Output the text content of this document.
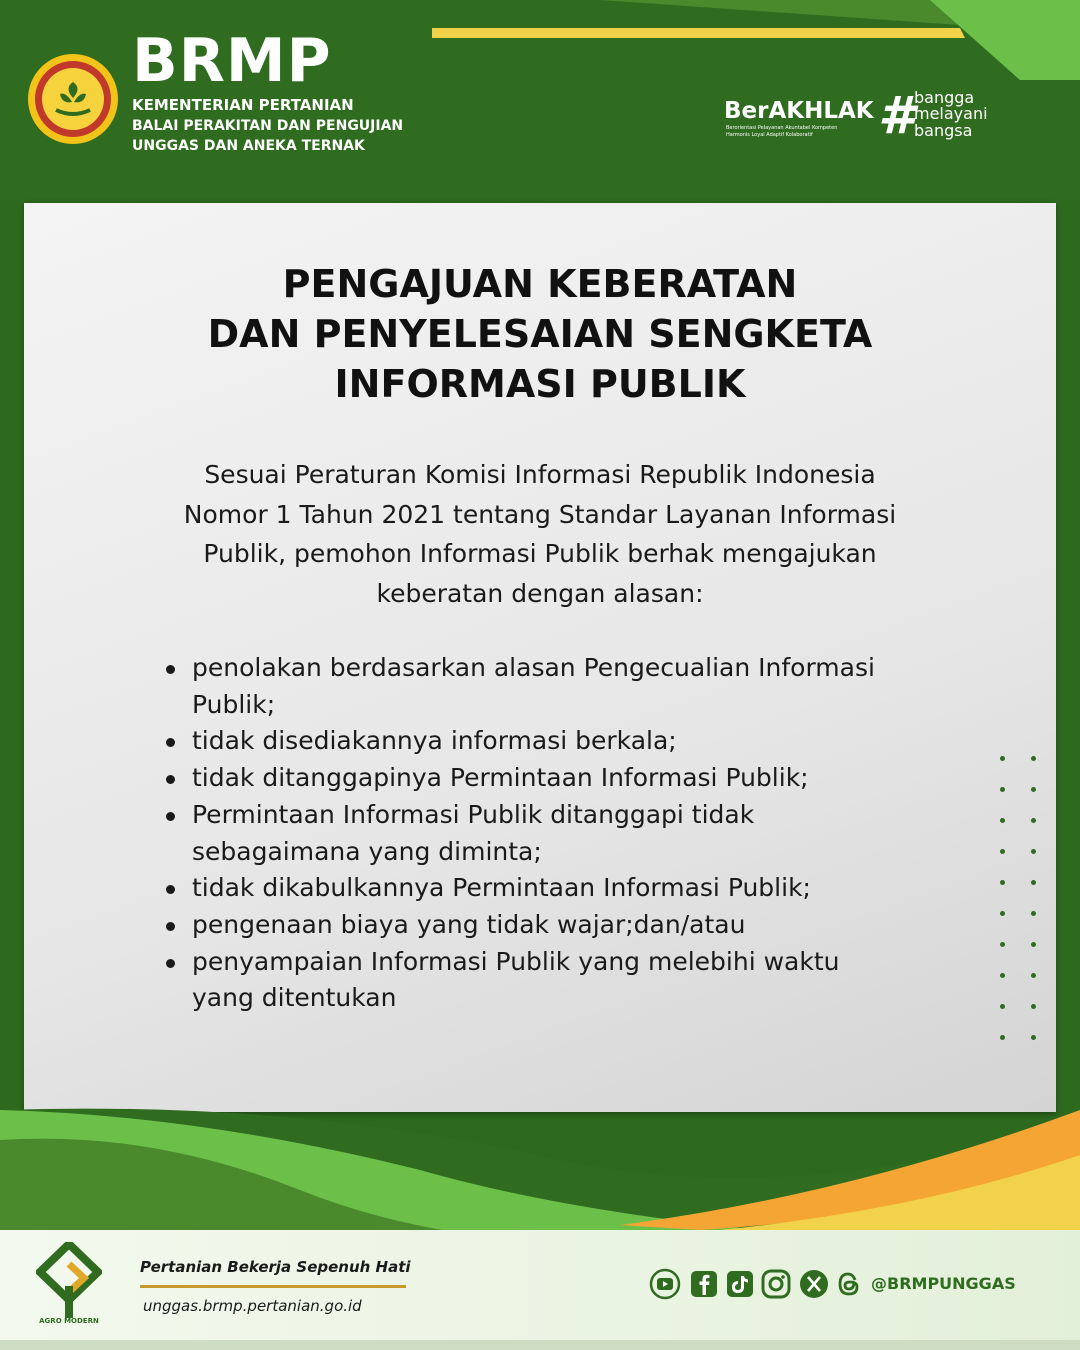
BRMP
KEMENTERIAN PERTANIAN
BALAI PERAKITAN DAN PENGUJIAN
UNGGAS DAN ANEKA TERNAK
BerAKHLAK
Berorientasi Pelayanan Akuntabel Kompeten
Harmonis Loyal Adaptif Kolaboratif # bangga
melayani
bangsa
PENGAJUAN KEBERATAN
DAN PENYELESAIAN SENGKETA
INFORMASI PUBLIK
Sesuai Peraturan Komisi Informasi Republik Indonesia
Nomor 1 Tahun 2021 tentang Standar Layanan Informasi
Publik, pemohon Informasi Publik berhak mengajukan
keberatan dengan alasan:
penolakan berdasarkan alasan Pengecualian Informasi
Publik;
tidak disediakannya informasi berkala;
tidak ditanggapinya Permintaan Informasi Publik;
Permintaan Informasi Publik ditanggapi tidak
sebagaimana yang diminta;
tidak dikabulkannya Permintaan Informasi Publik;
pengenaan biaya yang tidak wajar;dan/atau
penyampaian Informasi Publik yang melebihi waktu
yang ditentukan
AGRO MODERN
Pertanian Bekerja Sepenuh Hati
unggas.brmp.pertanian.go.id
@BRMPUNGGAS
